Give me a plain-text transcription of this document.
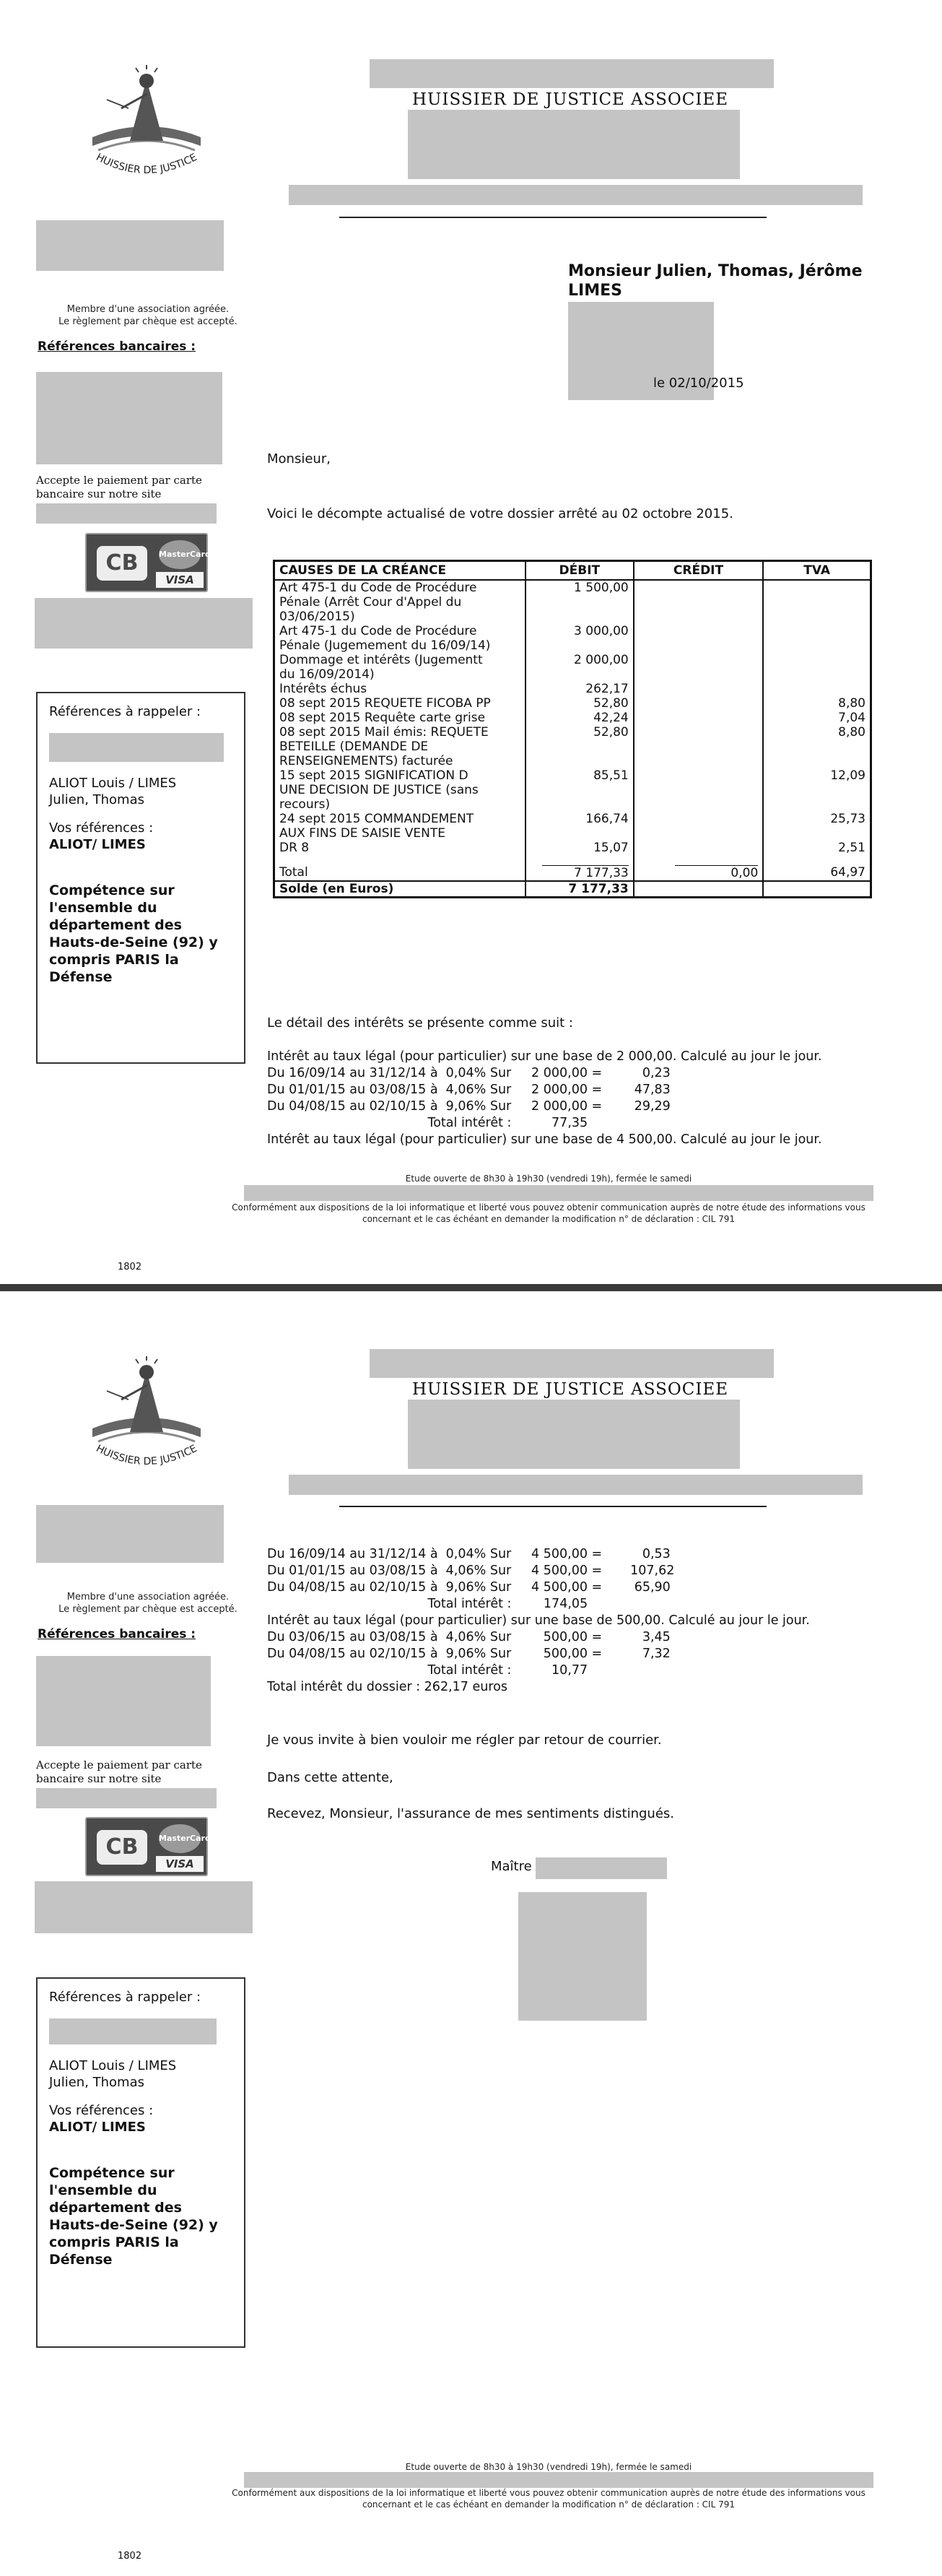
HUISSIER DE JUSTICE
HUISSIER DE JUSTICE ASSOCIEE
Membre d'une association agréée.
Le règlement par chèque est accepté.
Références bancaires :
Accepte le paiement par carte
bancaire sur notre site
CB	MasterCard
VISA
Références à rappeler :
ALIOT Louis / LIMES
Julien, Thomas
Vos références :
ALIOT/ LIMES
Compétence sur
l'ensemble du
département des
Hauts-de-Seine (92) y
compris PARIS la
Défense
Monsieur Julien, Thomas, Jérôme
LIMES
le 02/10/2015
Monsieur,
Voici le décompte actualisé de votre dossier arrêté au 02 octobre 2015.
CAUSES DE LA CRÉANCE	DÉBIT	CRÉDIT	TVA

Art 475-1 du Code de Procédure
Pénale (Arrêt Cour d'Appel du
03/06/2015)	1 500,00		

Art 475-1 du Code de Procédure
Pénale (Jugemement du 16/09/14)	3 000,00		

Dommage et intérêts (Jugementt
du 16/09/2014)	2 000,00		

Intérêts échus	262,17		

08 sept 2015 REQUETE FICOBA PP	52,80		8,80

08 sept 2015 Requête carte grise	42,24		7,04

08 sept 2015 Mail émis: REQUETE
BETEILLE (DEMANDE DE
RENSEIGNEMENTS) facturée	52,80		8,80

15 sept 2015 SIGNIFICATION D
UNE DECISION DE JUSTICE (sans
recours)	85,51		12,09

24 sept 2015 COMMANDEMENT
AUX FINS DE SAISIE VENTE	166,74		25,73

DR 8	15,07		2,51

Total	7 177,33	0,00	64,97

Solde (en Euros)	7 177,33		
Le détail des intérêts se présente comme suit :
Intérêt au taux légal (pour particulier) sur une base de 2 000,00. Calculé au jour le jour.
Du 16/09/14 au 31/12/14 à  0,04% Sur     2 000,00 =          0,23
Du 01/01/15 au 03/08/15 à  4,06% Sur     2 000,00 =        47,83
Du 04/08/15 au 02/10/15 à  9,06% Sur     2 000,00 =        29,29
Total intérêt :          77,35
Intérêt au taux légal (pour particulier) sur une base de 4 500,00. Calculé au jour le jour.
Etude ouverte de 8h30 à 19h30 (vendredi 19h), fermée le samedi
Conformément aux dispositions de la loi informatique et liberté vous pouvez obtenir communication auprès de notre étude des informations vous
concernant et le cas échéant en demander la modification n° de déclaration : CIL 791
1802
HUISSIER DE JUSTICE
HUISSIER DE JUSTICE ASSOCIEE
Membre d'une association agréée.
Le règlement par chèque est accepté.
Références bancaires :
Accepte le paiement par carte
bancaire sur notre site
CB	MasterCard
VISA
Références à rappeler :
ALIOT Louis / LIMES
Julien, Thomas
Vos références :
ALIOT/ LIMES
Compétence sur
l'ensemble du
département des
Hauts-de-Seine (92) y
compris PARIS la
Défense
Du 16/09/14 au 31/12/14 à  0,04% Sur     4 500,00 =          0,53
Du 01/01/15 au 03/08/15 à  4,06% Sur     4 500,00 =       107,62
Du 04/08/15 au 02/10/15 à  9,06% Sur     4 500,00 =        65,90
Total intérêt :        174,05
Intérêt au taux légal (pour particulier) sur une base de 500,00. Calculé au jour le jour.
Du 03/06/15 au 03/08/15 à  4,06% Sur        500,00 =          3,45
Du 04/08/15 au 02/10/15 à  9,06% Sur        500,00 =          7,32
Total intérêt :          10,77
Total intérêt du dossier : 262,17 euros
Je vous invite à bien vouloir me régler par retour de courrier.
Dans cette attente,
Recevez, Monsieur, l'assurance de mes sentiments distingués.
Maître
Etude ouverte de 8h30 à 19h30 (vendredi 19h), fermée le samedi
Conformément aux dispositions de la loi informatique et liberté vous pouvez obtenir communication auprès de notre étude des informations vous
concernant et le cas échéant en demander la modification n° de déclaration : CIL 791
1802
